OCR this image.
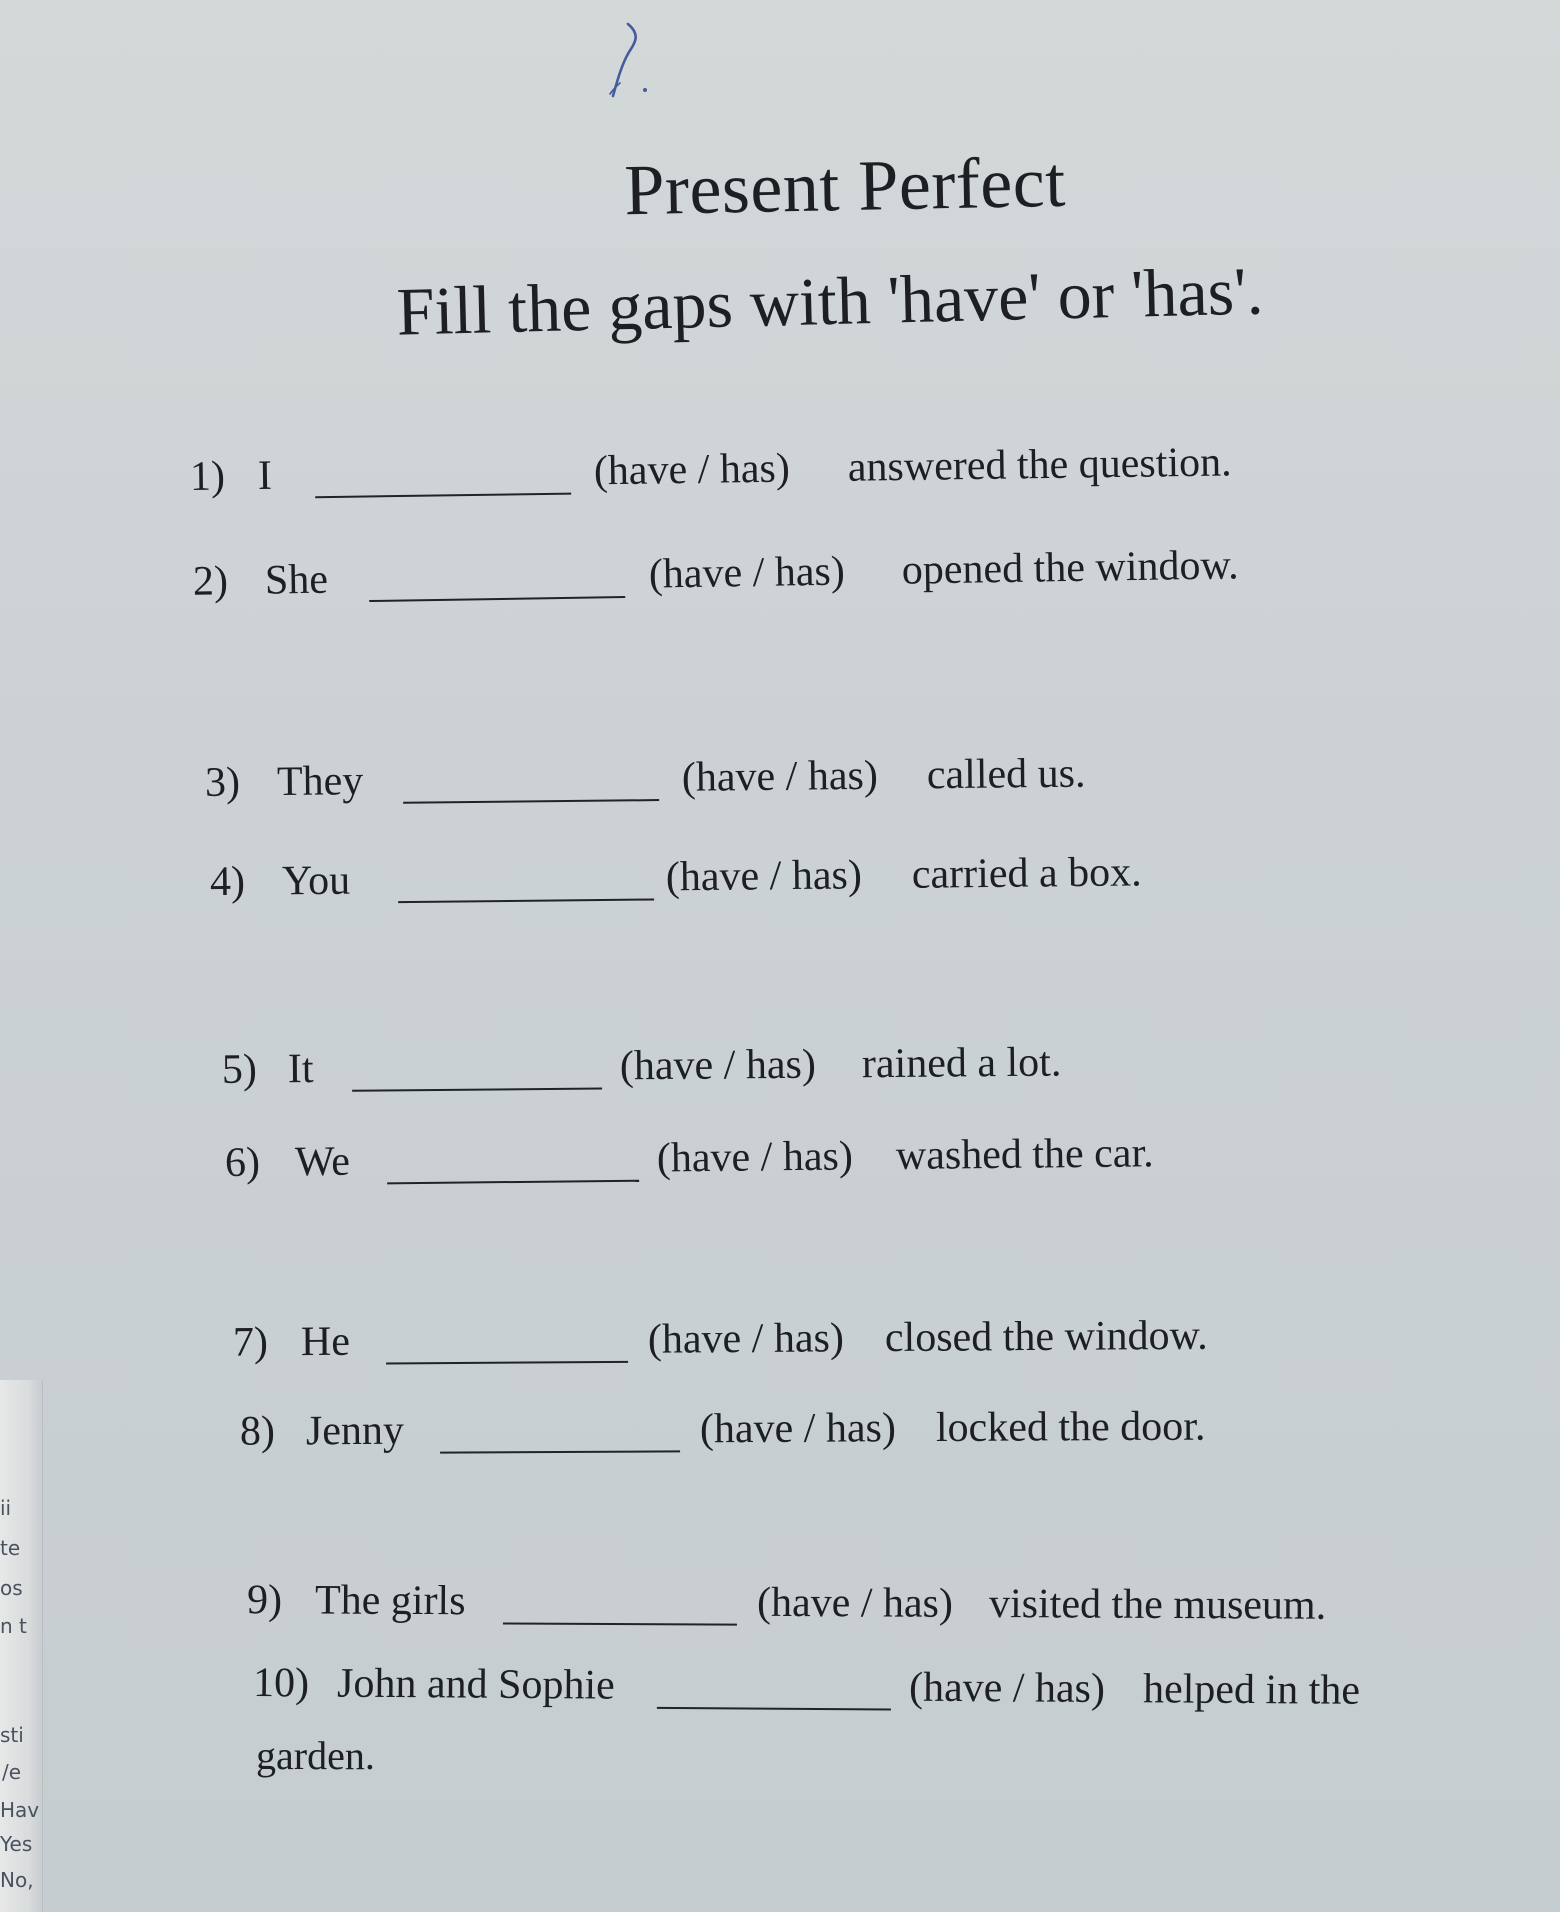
Present Perfect
Fill the gaps with 'have' or 'has'.
1) I	(have / has) answered the question.
2) She	(have / has) opened the window.
3) They	(have / has) called us.
4) You	(have / has) carried a box.
5) It	(have / has) rained a lot.
6) We	(have / has) washed the car.
7) He	(have / has) closed the window.
8) Jenny	(have / has) locked the door.
9) The girls	(have / has) visited the museum.
10) John and Sophie	(have / has) helped in the
garden.
ii
te
os
n t
sti
/e
Hav
Yes
No,
